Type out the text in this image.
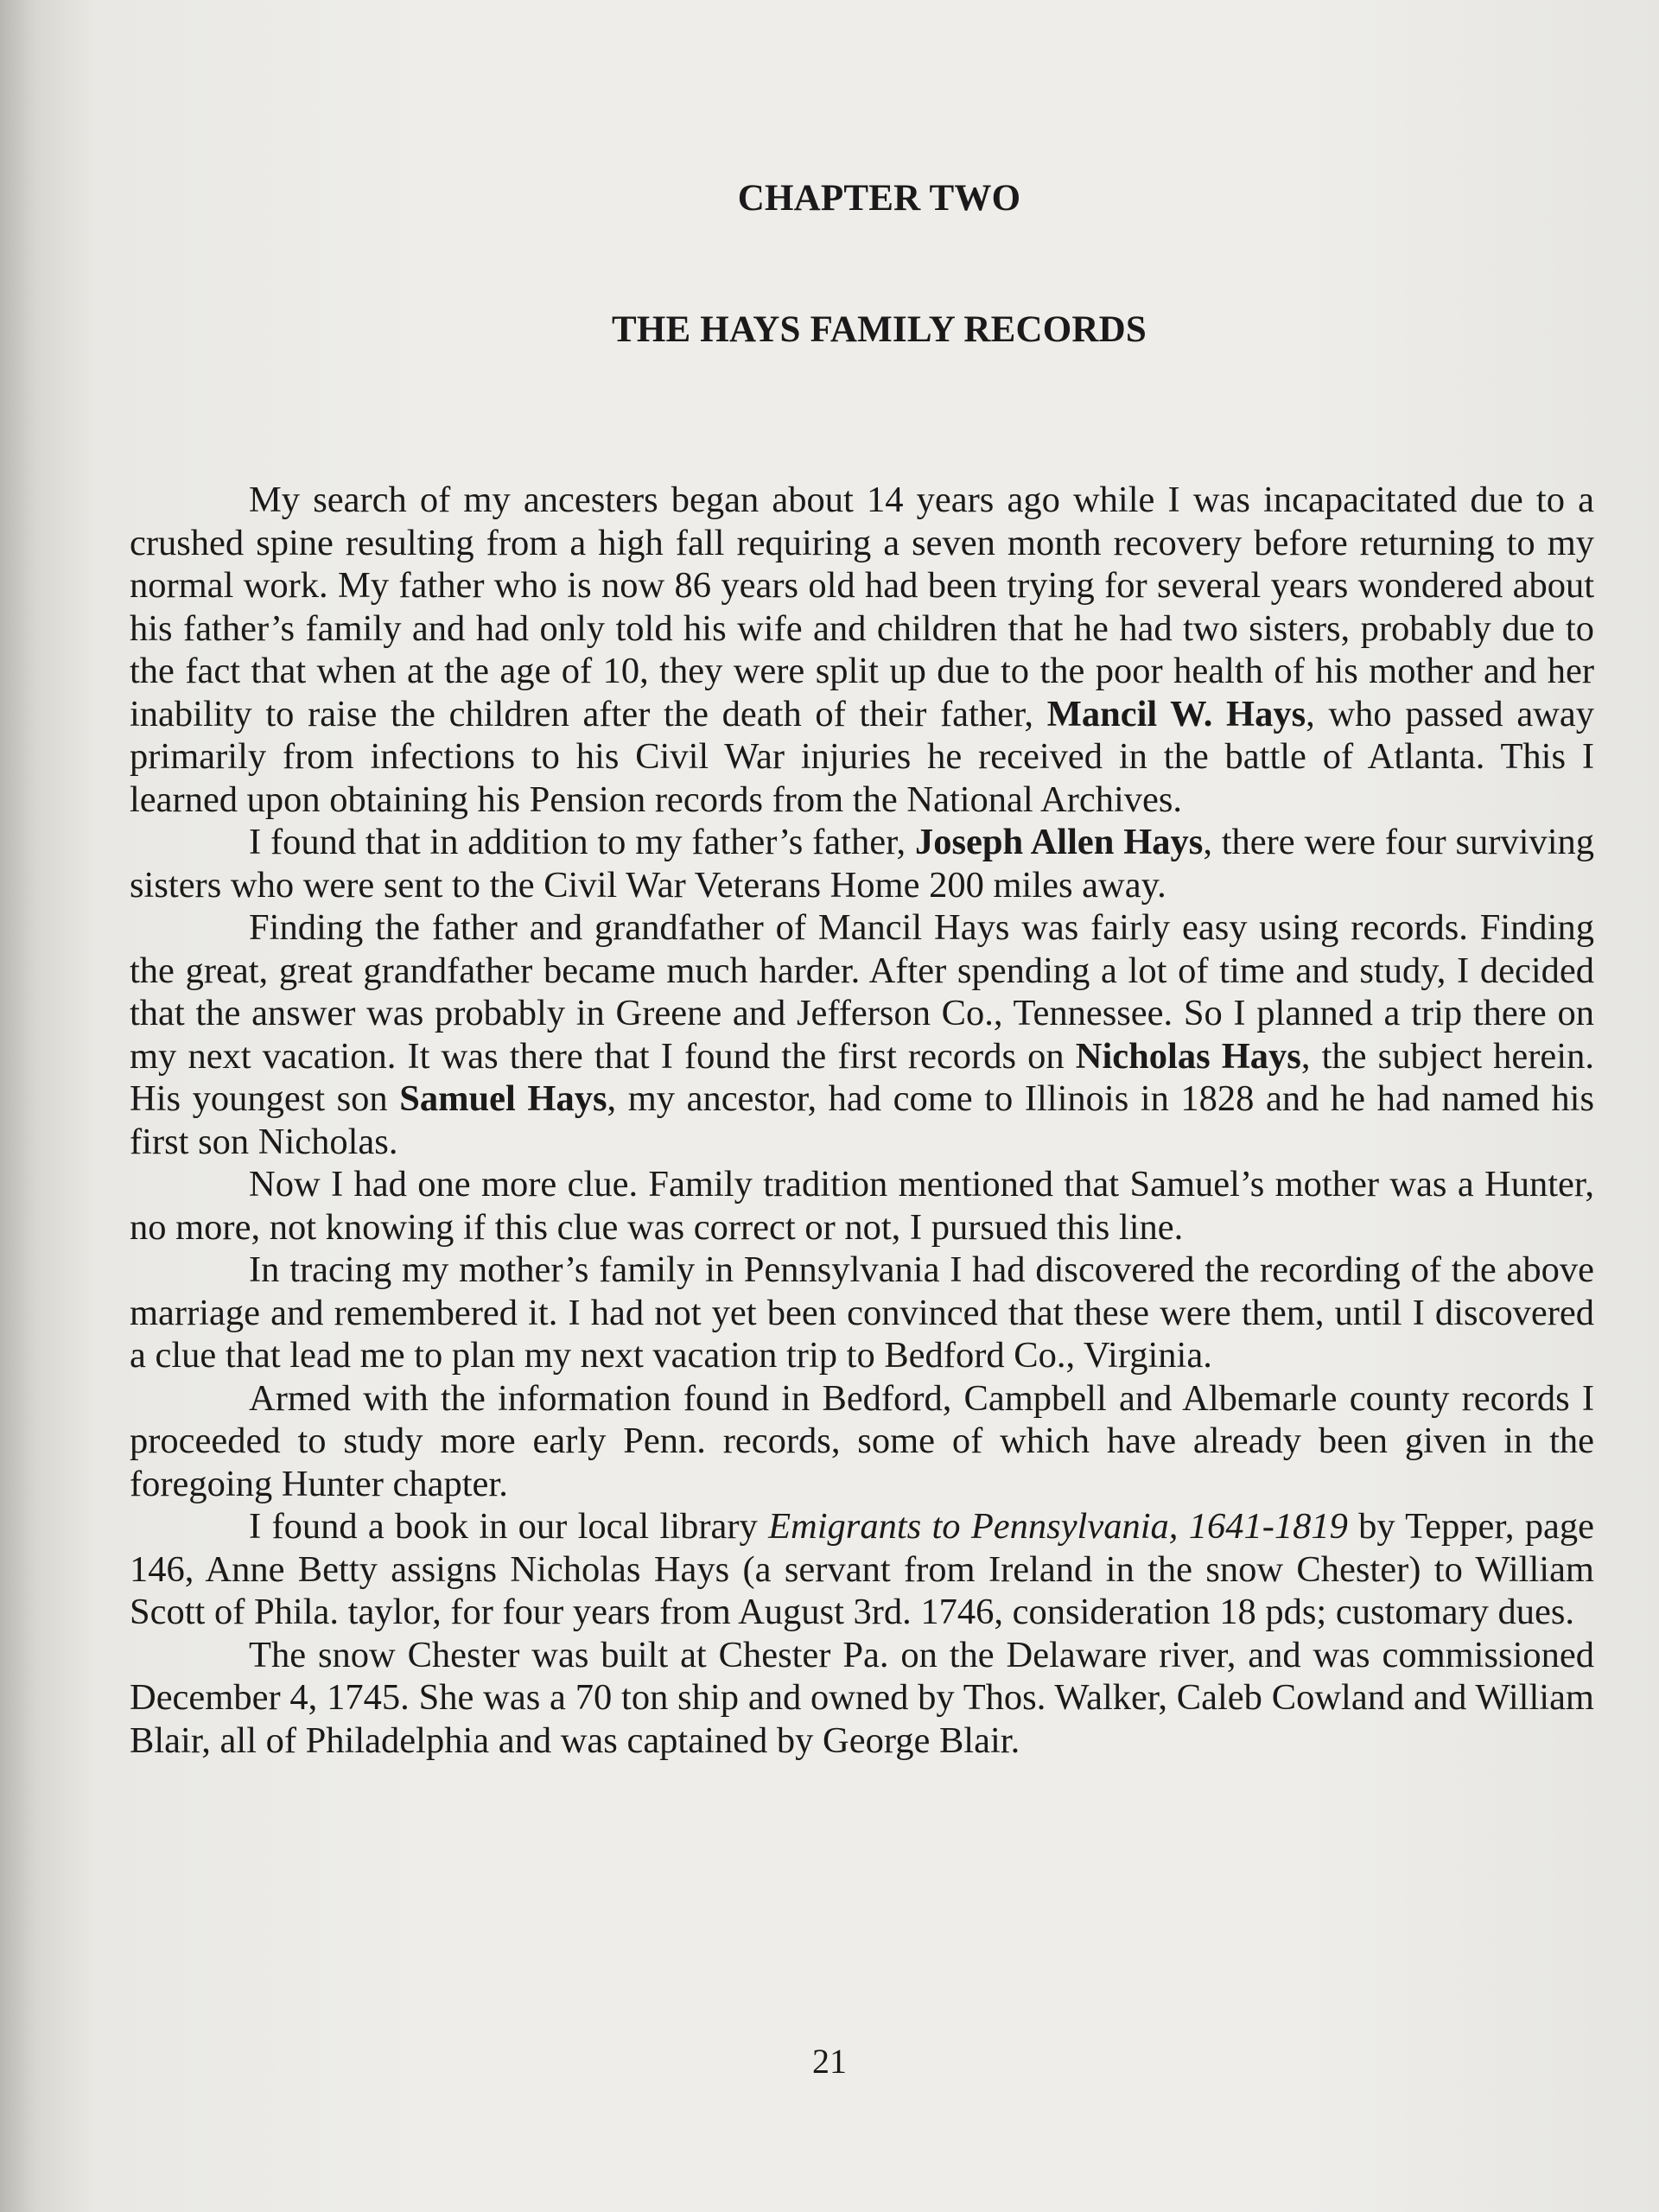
CHAPTER TWO
THE HAYS FAMILY RECORDS

My search of my ancesters began about 14 years ago while I was incapacitated due to a crushed spine resulting from a high fall requiring a seven month recovery before returning to my normal work. My father who is now 86 years old had been trying for several years wondered about his father’s family and had only told his wife and children that he had two sisters, probably due to the fact that when at the age of 10, they were split up due to the poor health of his mother and her inability to raise the children after the death of their father, Mancil W. Hays, who passed away primarily from infections to his Civil War injuries he received in the battle of Atlanta. This I learned upon obtaining his Pension records from the National Archives.

I found that in addition to my father’s father, Joseph Allen Hays, there were four surviving sisters who were sent to the Civil War Veterans Home 200 miles away.

Finding the father and grandfather of Mancil Hays was fairly easy using records. Finding the great, great grandfather became much harder. After spending a lot of time and study, I decided that the answer was probably in Greene and Jefferson Co., Tennessee. So I planned a trip there on my next vacation. It was there that I found the first records on Nicholas Hays, the subject herein. His youngest son Samuel Hays, my ancestor, had come to Illinois in 1828 and he had named his first son Nicholas.

Now I had one more clue. Family tradition mentioned that Samuel’s mother was a Hunter, no more, not knowing if this clue was correct or not, I pursued this line.

In tracing my mother’s family in Pennsylvania I had discovered the recording of the above marriage and remembered it. I had not yet been convinced that these were them, until I discovered a clue that lead me to plan my next vacation trip to Bedford Co., Virginia.

Armed with the information found in Bedford, Campbell and Albemarle county records I proceeded to study more early Penn. records, some of which have already been given in the foregoing Hunter chapter.

I found a book in our local library Emigrants to Pennsylvania, 1641-1819 by Tepper, page 146, Anne Betty assigns Nicholas Hays (a servant from Ireland in the snow Chester) to William Scott of Phila. taylor, for four years from August 3rd. 1746, consideration 18 pds; customary dues.

The snow Chester was built at Chester Pa. on the Delaware river, and was commissioned December 4, 1745. She was a 70 ton ship and owned by Thos. Walker, Caleb Cowland and William Blair, all of Philadelphia and was captained by George Blair.

21
